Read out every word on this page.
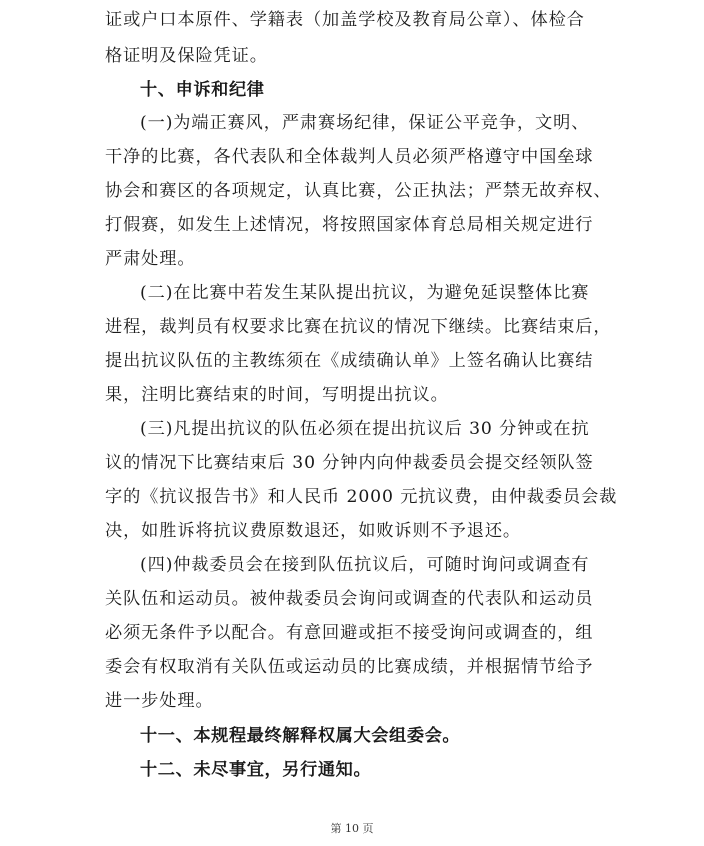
证或户口本原件、学籍表（加盖学校及教育局公章）、体检合
格证明及保险凭证。
十、申诉和纪律
(一)为端正赛风，严肃赛场纪律，保证公平竞争，文明、
干净的比赛，各代表队和全体裁判人员必须严格遵守中国垒球
协会和赛区的各项规定，认真比赛，公正执法；严禁无故弃权、
打假赛，如发生上述情况，将按照国家体育总局相关规定进行
严肃处理。
(二)在比赛中若发生某队提出抗议，为避免延误整体比赛
进程，裁判员有权要求比赛在抗议的情况下继续。比赛结束后，
提出抗议队伍的主教练须在《成绩确认单》上签名确认比赛结
果，注明比赛结束的时间，写明提出抗议。
(三)凡提出抗议的队伍必须在提出抗议后 30 分钟或在抗
议的情况下比赛结束后 30 分钟内向仲裁委员会提交经领队签
字的《抗议报告书》和人民币 2000 元抗议费，由仲裁委员会裁
决，如胜诉将抗议费原数退还，如败诉则不予退还。
(四)仲裁委员会在接到队伍抗议后，可随时询问或调查有
关队伍和运动员。被仲裁委员会询问或调查的代表队和运动员
必须无条件予以配合。有意回避或拒不接受询问或调查的，组
委会有权取消有关队伍或运动员的比赛成绩，并根据情节给予
进一步处理。
十一、本规程最终解释权属大会组委会。
十二、未尽事宜，另行通知。
第 10 页
